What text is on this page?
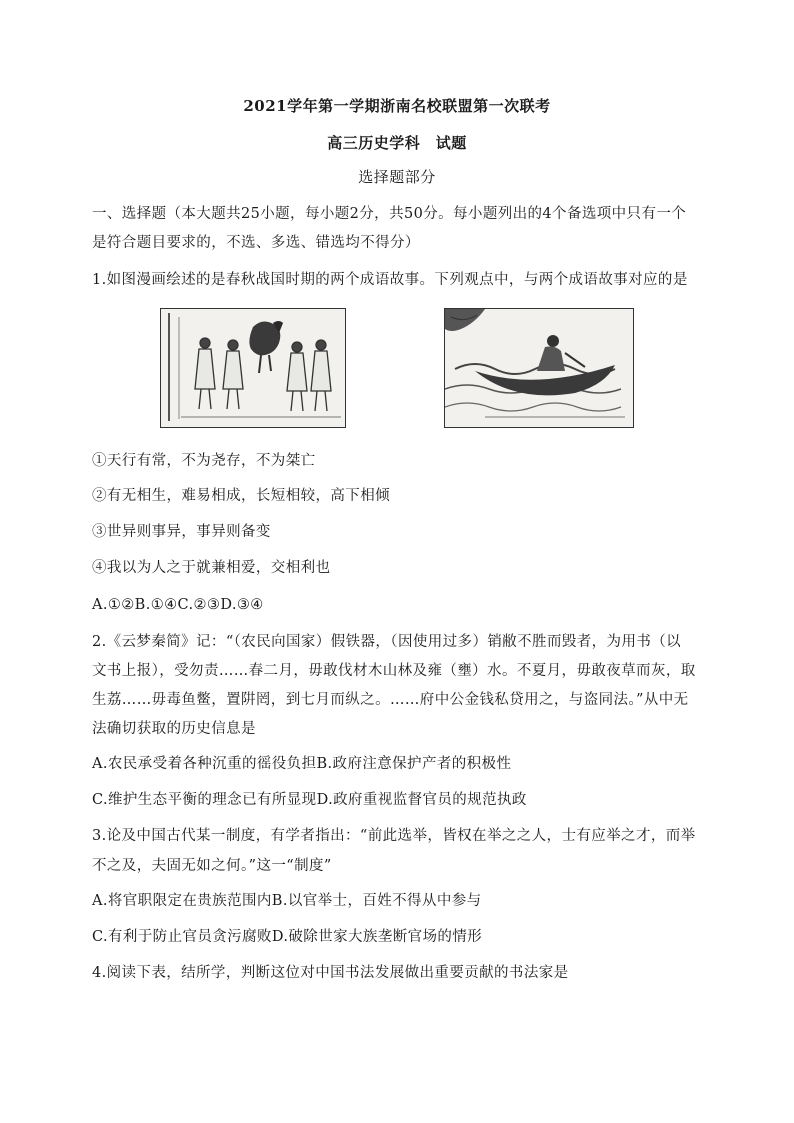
2021学年第一学期浙南名校联盟第一次联考
高三历史学科　试题
选择题部分
一、选择题（本大题共25小题，每小题2分，共50分。每小题列出的4个备选项中只有一个
是符合题目要求的，不选、多选、错选均不得分）
1.如图漫画绘述的是春秋战国时期的两个成语故事。下列观点中，与两个成语故事对应的是
①天行有常，不为尧存，不为桀亡
②有无相生，难易相成，长短相较，高下相倾
③世异则事异，事异则备变
④我以为人之于就兼相爱，交相利也
A.①②B.①④C.②③D.③④
2.《云梦秦简》记：“（农民向国家）假铁器，（因使用过多）销敝不胜而毁者，为用书（以
文书上报），受勿责……春二月，毋敢伐材木山林及雍（壅）水。不夏月，毋敢夜草而灰，取
生荔……毋毒鱼鳖，置阱罔，到七月而纵之。……府中公金钱私贷用之，与盗同法。”从中无
法确切获取的历史信息是
A.农民承受着各种沉重的徭役负担B.政府注意保护产者的积极性
C.维护生态平衡的理念已有所显现D.政府重视监督官员的规范执政
3.论及中国古代某一制度，有学者指出：“前此选举，皆权在举之之人，士有应举之才，而举
不之及，夫固无如之何。”这一“制度”
A.将官职限定在贵族范围内B.以官举士，百姓不得从中参与
C.有利于防止官员贪污腐败D.破除世家大族垄断官场的情形
4.阅读下表，结所学，判断这位对中国书法发展做出重要贡献的书法家是
